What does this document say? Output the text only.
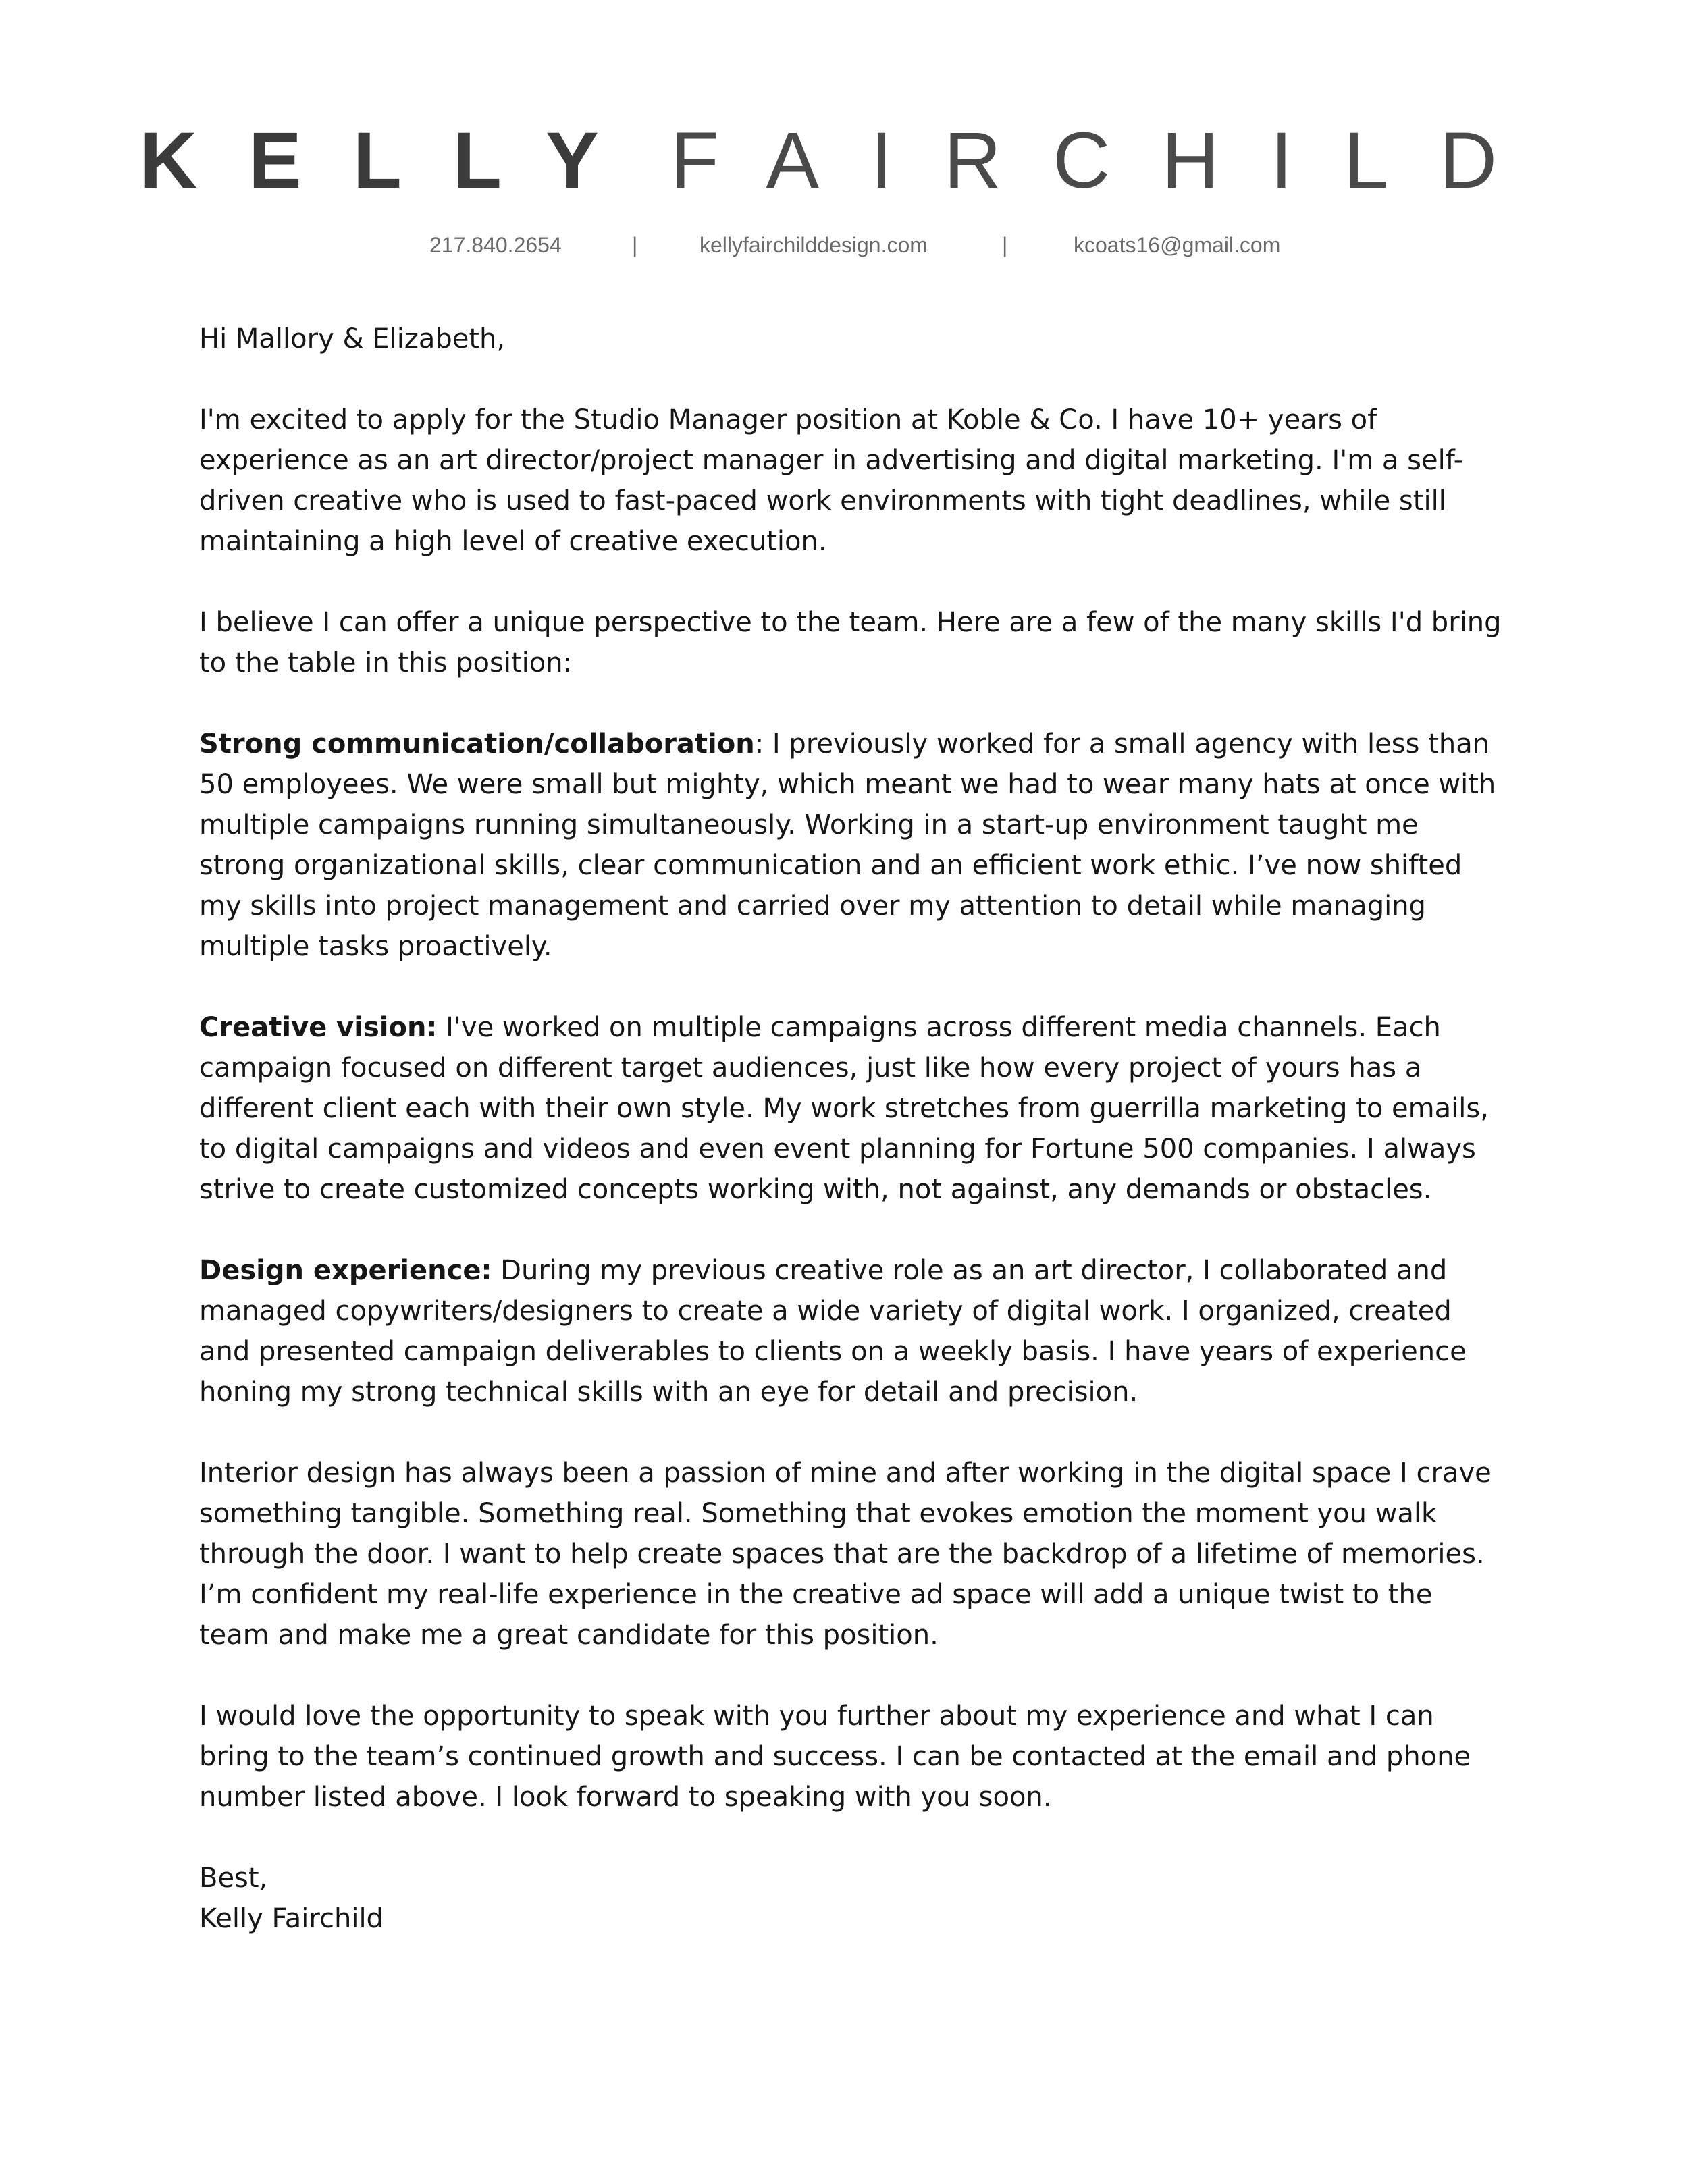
KELLY FAIRCHILD
217.840.2654	|	kellyfairchilddesign.com	|	kcoats16@gmail.com

Hi Mallory & Elizabeth,

I'm excited to apply for the Studio Manager position at Koble & Co. I have 10+ years of experience as an art director/project manager in advertising and digital marketing. I'm a self-driven creative who is used to fast-paced work environments with tight deadlines, while still maintaining a high level of creative execution.

I believe I can offer a unique perspective to the team. Here are a few of the many skills I'd bring to the table in this position:

Strong communication/collaboration: I previously worked for a small agency with less than 50 employees. We were small but mighty, which meant we had to wear many hats at once with multiple campaigns running simultaneously. Working in a start-up environment taught me strong organizational skills, clear communication and an efficient work ethic. I’ve now shifted my skills into project management and carried over my attention to detail while managing multiple tasks proactively.

Creative vision: I've worked on multiple campaigns across different media channels. Each campaign focused on different target audiences, just like how every project of yours has a different client each with their own style. My work stretches from guerrilla marketing to emails, to digital campaigns and videos and even event planning for Fortune 500 companies. I always strive to create customized concepts working with, not against, any demands or obstacles.

Design experience: During my previous creative role as an art director, I collaborated and managed copywriters/designers to create a wide variety of digital work. I organized, created and presented campaign deliverables to clients on a weekly basis. I have years of experience honing my strong technical skills with an eye for detail and precision.

Interior design has always been a passion of mine and after working in the digital space I crave something tangible. Something real. Something that evokes emotion the moment you walk through the door. I want to help create spaces that are the backdrop of a lifetime of memories. I’m confident my real-life experience in the creative ad space will add a unique twist to the team and make me a great candidate for this position.

I would love the opportunity to speak with you further about my experience and what I can bring to the team’s continued growth and success. I can be contacted at the email and phone number listed above. I look forward to speaking with you soon.

Best,

Kelly Fairchild
